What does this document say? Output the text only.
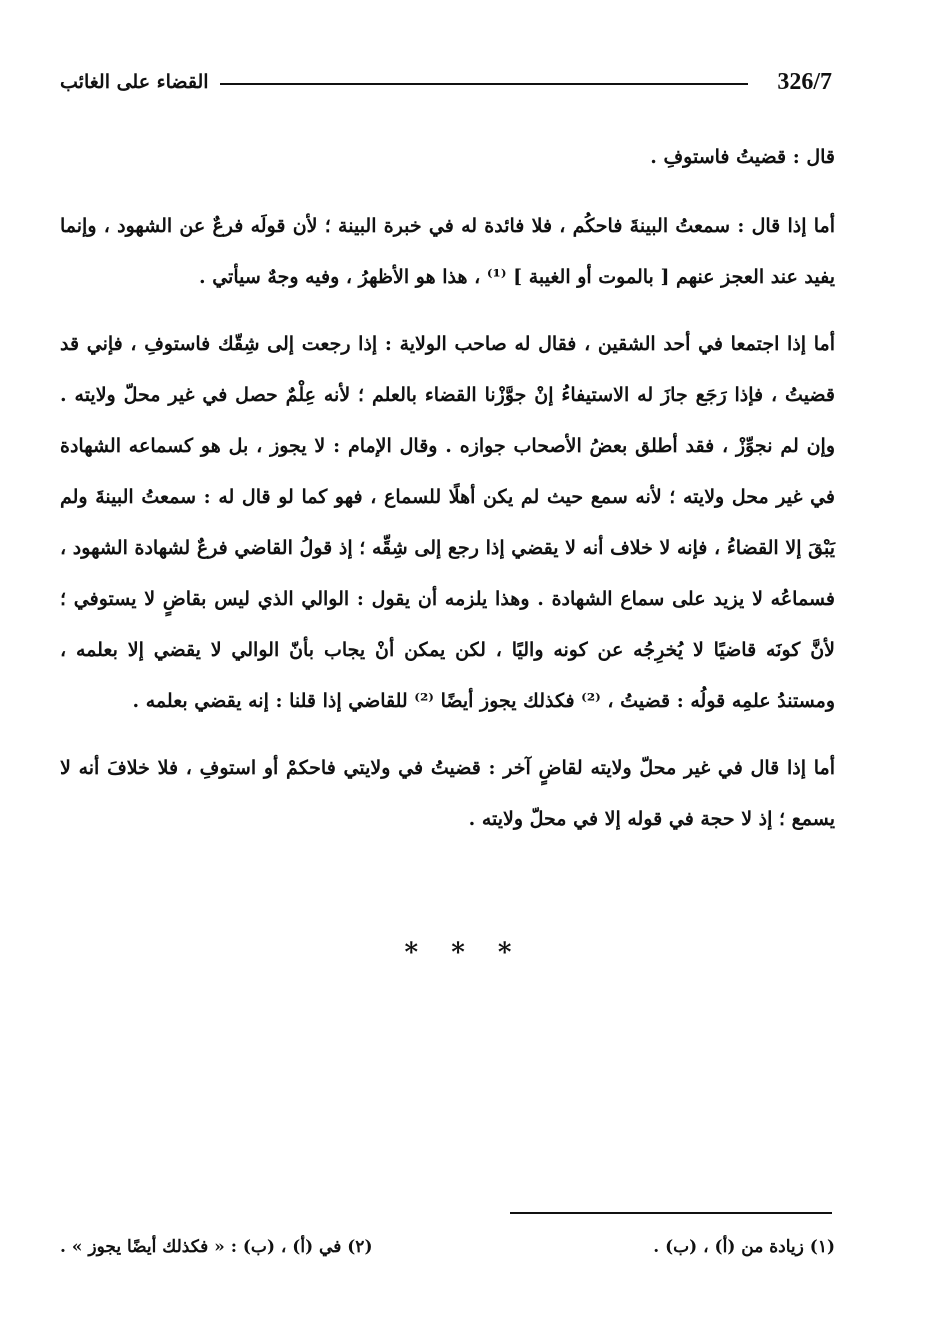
326/7
القضاء على الغائب

قال : قضيتُ فاستوفِ .

أما إذا قال : سمعتُ البينةَ فاحكُم ، فلا فائدة له في خبرة البينة ؛ لأن قولَه فرعٌ عن الشهود ، وإنما يفيد عند العجز عنهم [ بالموت أو الغيبة ] ⁽¹⁾ ، هذا هو الأظهرُ ، وفيه وجهٌ سيأتي .

أما إذا اجتمعا في أحد الشقين ، فقال له صاحب الولاية : إذا رجعت إلى شِقّك فاستوفِ ، فإني قد قضيتُ ، فإذا رَجَع جازَ له الاستيفاءُ إنْ جوَّزْنا القضاء بالعلم ؛ لأنه عِلْمٌ حصل في غير محلّ ولايته . وإن لم نجوِّزْ ، فقد أطلق بعضُ الأصحاب جوازه . وقال الإمام : لا يجوز ، بل هو كسماعه الشهادة في غير محل ولايته ؛ لأنه سمع حيث لم يكن أهلًا للسماع ، فهو كما لو قال له : سمعتُ البينةَ ولم يَبْقَ إلا القضاءُ ، فإنه لا خلاف أنه لا يقضي إذا رجع إلى شِقِّه ؛ إذ قولُ القاضي فرعٌ لشهادة الشهود ، فسماعُه لا يزيد على سماع الشهادة . وهذا يلزمه أن يقول : الوالي الذي ليس بقاضٍ لا يستوفي ؛ لأنَّ كونَه قاضيًا لا يُخرِجُه عن كونه واليًا ، لكن يمكن أنْ يجاب بأنّ الوالي لا يقضي إلا بعلمه ، ومستندُ علمِه قولُه : قضيتُ ، ⁽²⁾ فكذلك يجوز أيضًا ⁽²⁾ للقاضي إذا قلنا : إنه يقضي بعلمه .

أما إذا قال في غير محلّ ولايته لقاضٍ آخر : قضيتُ في ولايتي فاحكمْ أو استوفِ ، فلا خلافَ أنه لا يسمع ؛ إذ لا حجة في قوله إلا في محلّ ولايته .

* * *
(١) زيادة من (أ) ، (ب) .
(٢) في (أ) ، (ب) : « فكذلك أيضًا يجوز » .
